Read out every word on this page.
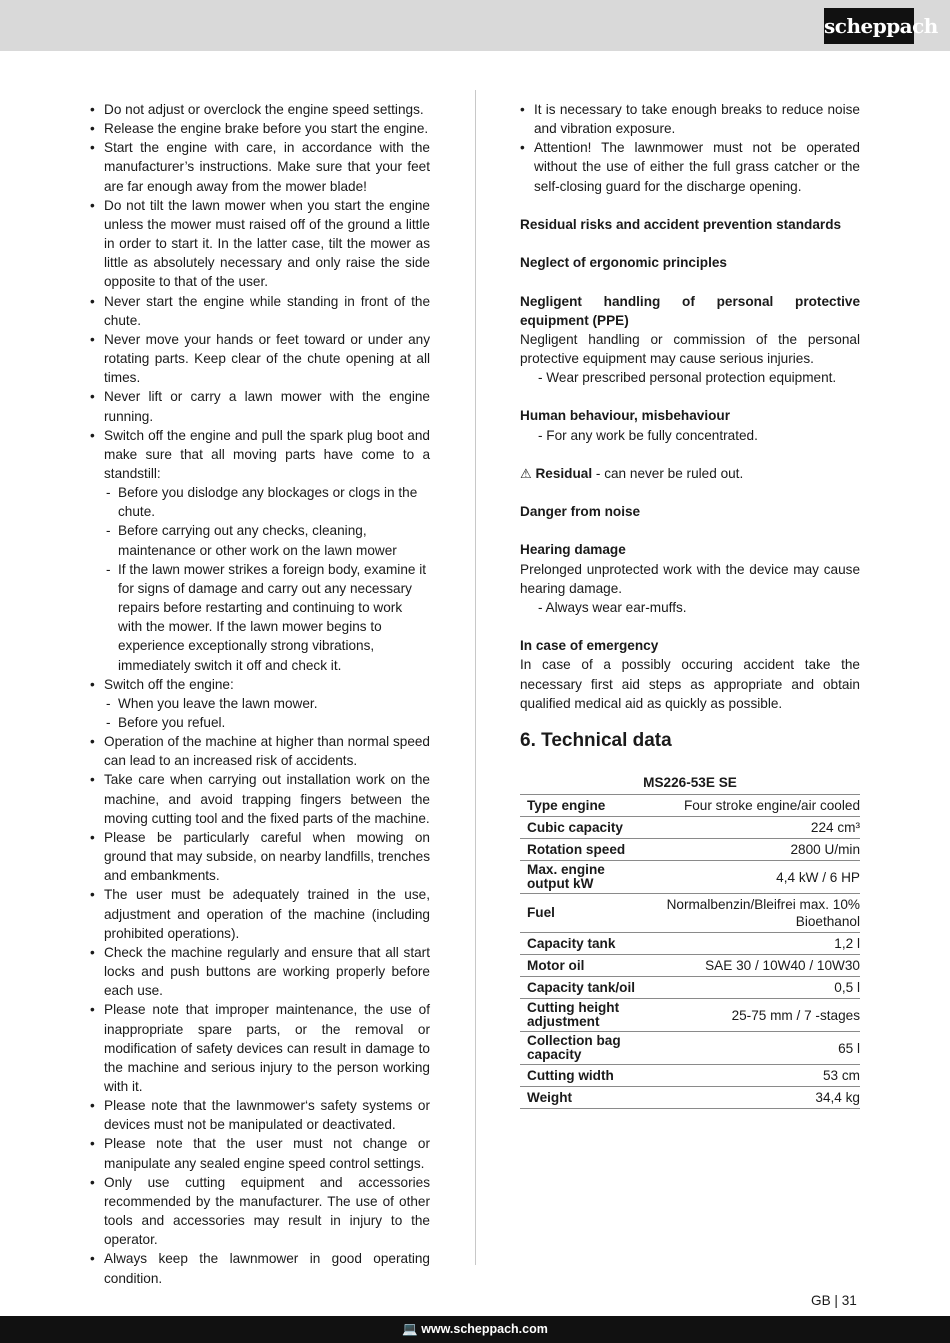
scheppach
• Do not adjust or overclock the engine speed settings.
• Release the engine brake before you start the engine.
• Start the engine with care, in accordance with the manufacturer’s instructions. Make sure that your feet are far enough away from the mower blade!
• Do not tilt the lawn mower when you start the engine unless the mower must raised off of the ground a little in order to start it. In the latter case, tilt the mower as little as absolutely necessary and only raise the side opposite to that of the user.
• Never start the engine while standing in front of the chute.
• Never move your hands or feet toward or under any rotating parts. Keep clear of the chute opening at all times.
• Never lift or carry a lawn mower with the engine running.
• Switch off the engine and pull the spark plug boot and make sure that all moving parts have come to a standstill:
- Before you dislodge any blockages or clogs in the chute.
- Before carrying out any checks, cleaning, maintenance or other work on the lawn mower
- If the lawn mower strikes a foreign body, examine it for signs of damage and carry out any necessary repairs before restarting and continuing to work with the mower. If the lawn mower begins to experience exceptionally strong vibrations, immediately switch it off and check it.
• Switch off the engine:
- When you leave the lawn mower.
- Before you refuel.
• Operation of the machine at higher than normal speed can lead to an increased risk of accidents.
• Take care when carrying out installation work on the machine, and avoid trapping fingers between the moving cutting tool and the fixed parts of the machine.
• Please be particularly careful when mowing on ground that may subside, on nearby landfills, trenches and embankments.
• The user must be adequately trained in the use, adjustment and operation of the machine (including prohibited operations).
• Check the machine regularly and ensure that all start locks and push buttons are working properly before each use.
• Please note that improper maintenance, the use of inappropriate spare parts, or the removal or modification of safety devices can result in damage to the machine and serious injury to the person working with it.
• Please note that the lawnmower‘s safety systems or devices must not be manipulated or deactivated.
• Please note that the user must not change or manipulate any sealed engine speed control settings.
• Only use cutting equipment and accessories recommended by the manufacturer. The use of other tools and accessories may result in injury to the operator.
• Always keep the lawnmower in good operating condition.
• It is necessary to take enough breaks to reduce noise and vibration exposure.
• Attention! The lawnmower must not be operated without the use of either the full grass catcher or the self-closing guard for the discharge opening.
Residual risks and accident prevention standards
Neglect of ergonomic principles
Negligent handling of personal protective equipment (PPE)
Negligent handling or commission of the personal protective equipment may cause serious injuries.
- Wear prescribed personal protection equipment.
Human behaviour, misbehaviour
- For any work be fully concentrated.
⚠ Residual - can never be ruled out.
Danger from noise
Hearing damage
Prelonged unprotected work with the device may cause hearing damage.
- Always wear ear-muffs.
In case of emergency
In case of a possibly occuring accident take the necessary first aid steps as appropriate and obtain qualified medical aid as quickly as possible.
6. Technical data
MS226-53E SE
Type engine	Four stroke engine/air cooled
Cubic capacity	224 cm³
Rotation speed	2800 U/min
Max. engine output kW	4,4 kW / 6 HP
Fuel	Normalbenzin/Bleifrei max. 10% Bioethanol
Capacity tank	1,2 l
Motor oil	SAE 30 / 10W40 / 10W30
Capacity tank/oil	0,5 l
Cutting height adjustment	25-75 mm / 7 -stages
Collection bag capacity	65 l
Cutting width	53 cm
Weight	34,4 kg
GB | 31
💻 www.scheppach.com
